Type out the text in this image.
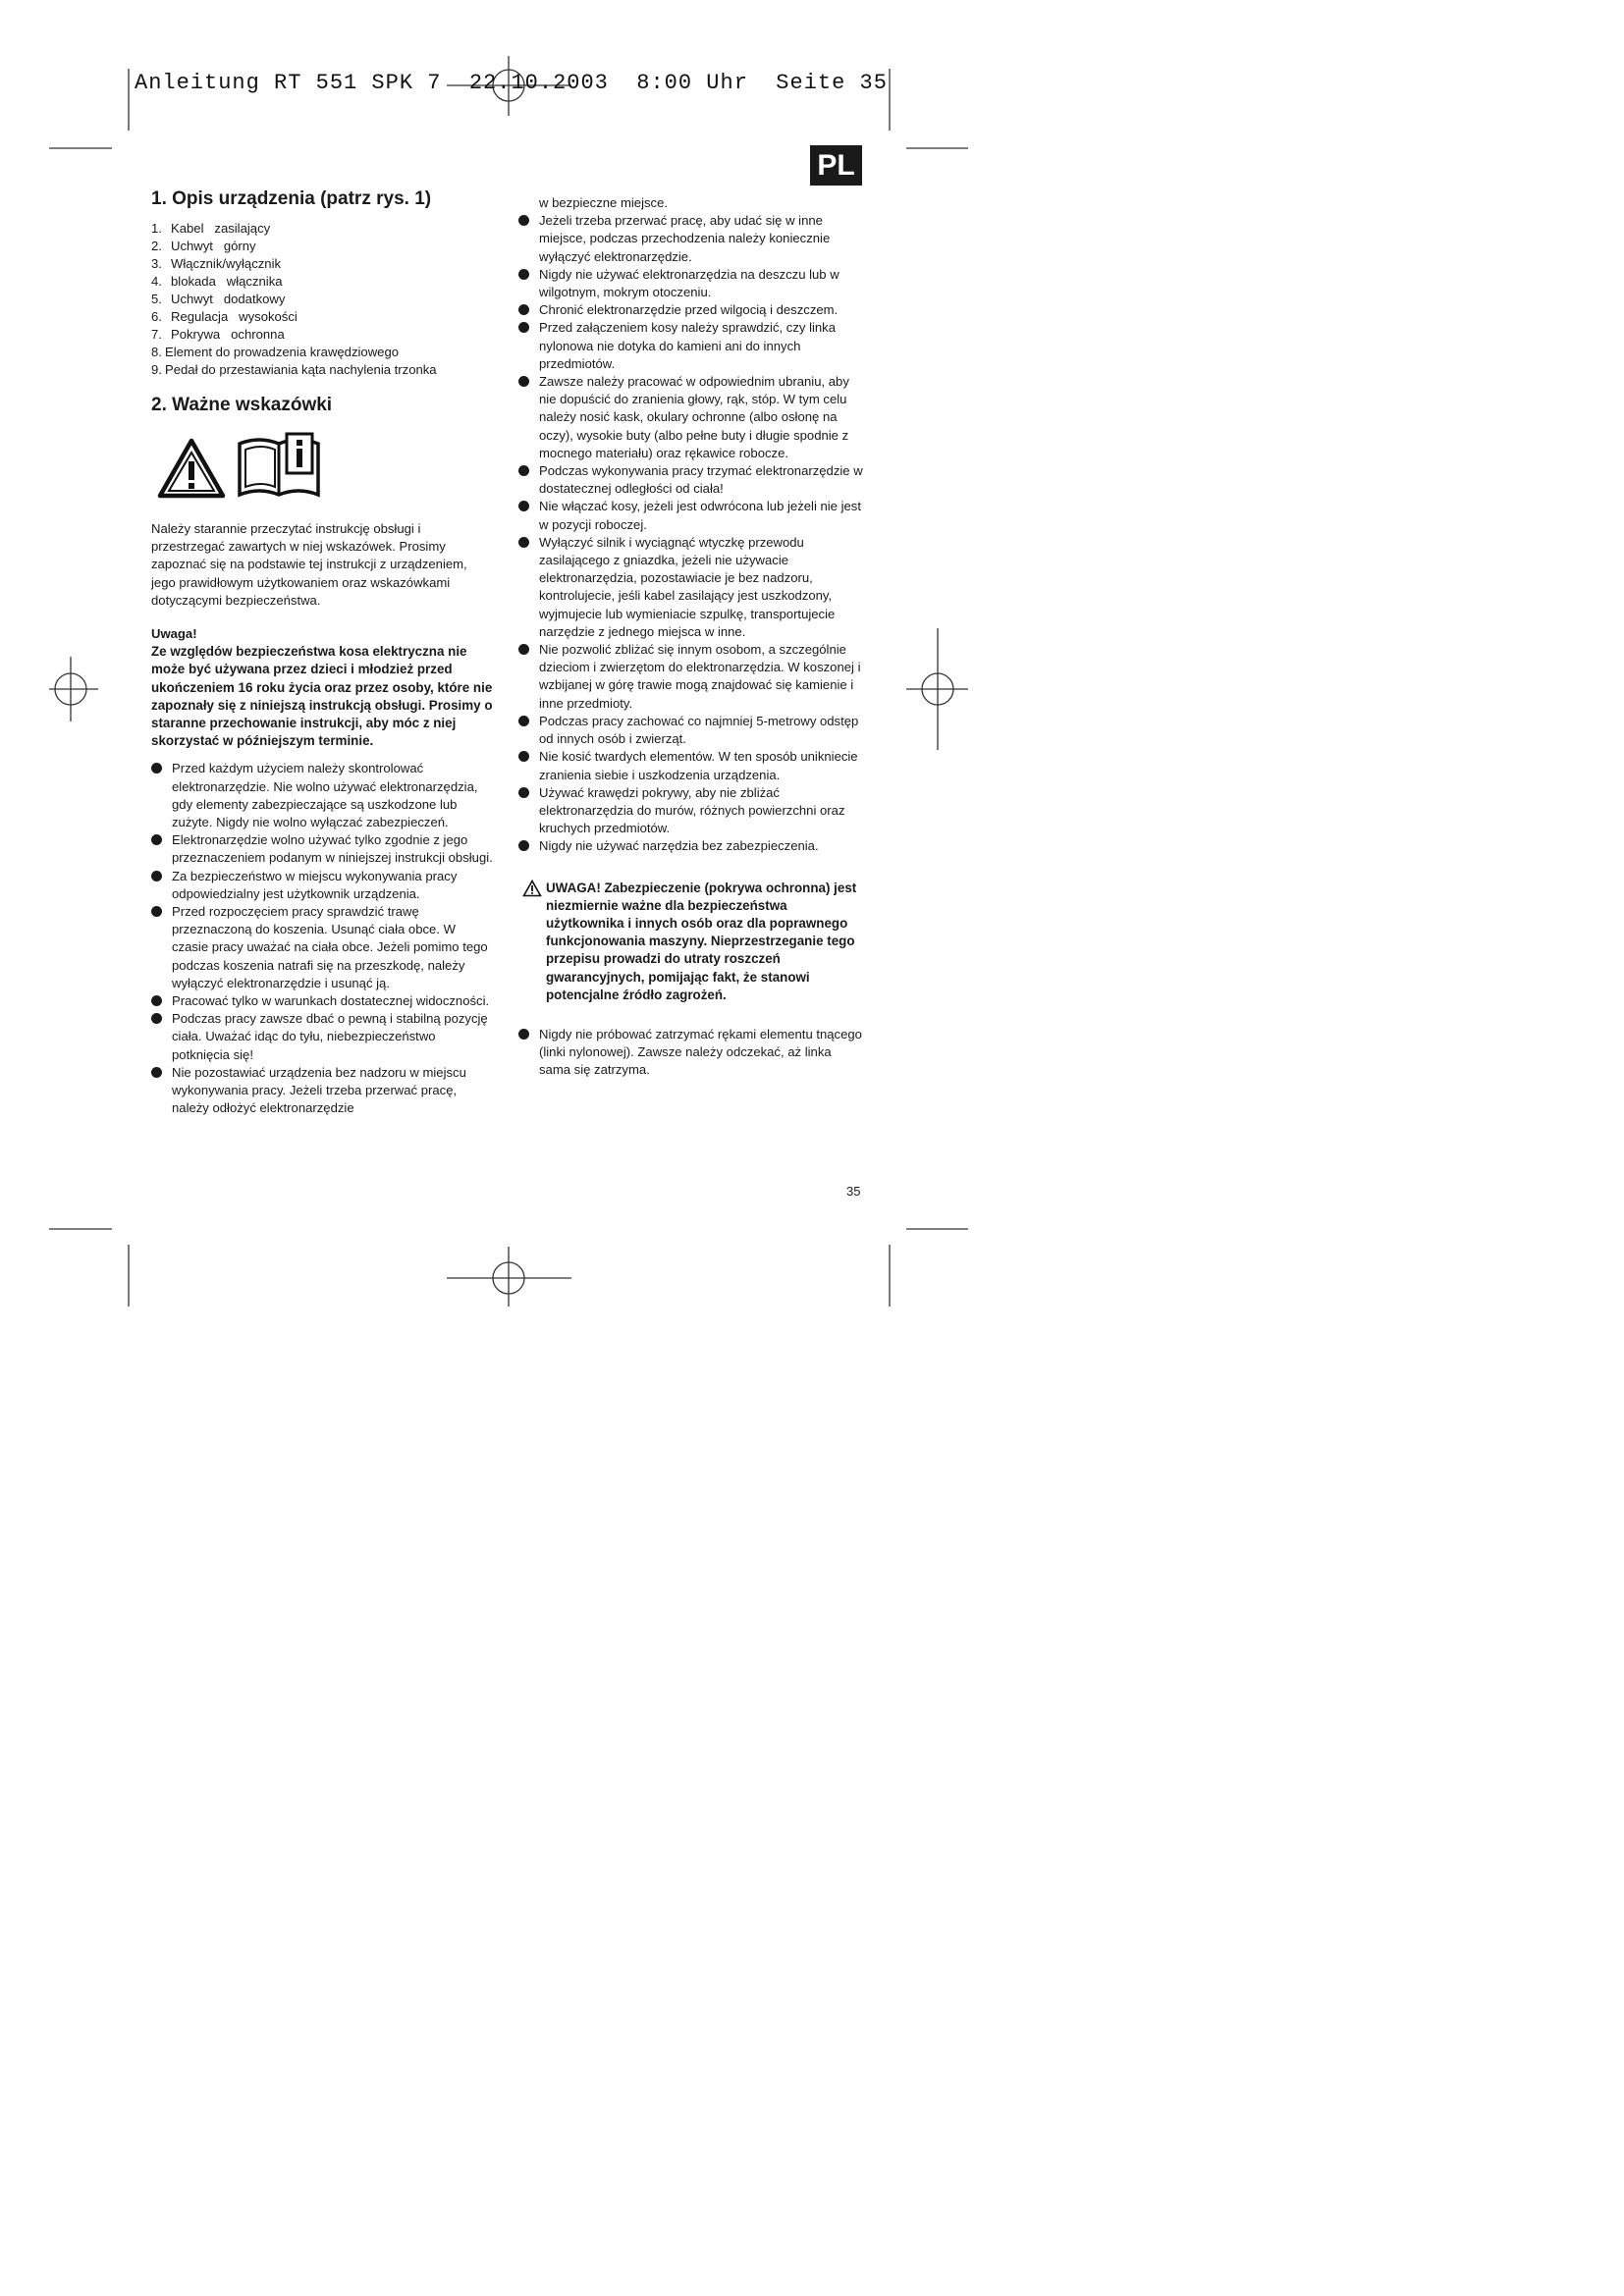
Anleitung RT 551 SPK 7  22.10.2003  8:00 Uhr  Seite 35
PL
1. Opis urządzenia (patrz rys. 1)
1. Kabel   zasilający
2. Uchwyt   górny
3. Włącznik/wyłącznik
4. blokada   włącznika
5. Uchwyt   dodatkowy
6. Regulacja   wysokości
7. Pokrywa   ochronna
8. Element do prowadzenia krawędziowego
9. Pedał do przestawiania kąta nachylenia trzonka
2. Ważne wskazówki

Należy starannie przeczytać instrukcję obsługi i przestrzegać zawartych w niej wskazówek. Prosimy zapoznać się na podstawie tej instrukcji z urządzeniem, jego prawidłowym użytkowaniem oraz wskazówkami dotyczącymi bezpieczeństwa.

Uwaga!

Ze względów bezpieczeństwa kosa elektryczna nie może być używana przez dzieci i młodzież przed ukończeniem 16 roku życia oraz przez osoby, które nie zapoznały się z niniejszą instrukcją obsługi. Prosimy o staranne przechowanie instrukcji, aby móc z niej skorzystać w późniejszym terminie.

Przed każdym użyciem należy skontrolować elektronarzędzie. Nie wolno używać elektronarzędzia, gdy elementy zabezpieczające są uszkodzone lub zużyte. Nigdy nie wolno wyłączać zabezpieczeń.
Elektronarzędzie wolno używać tylko zgodnie z jego przeznaczeniem podanym w niniejszej instrukcji obsługi.
Za bezpieczeństwo w miejscu wykonywania pracy odpowiedzialny jest użytkownik urządzenia.
Przed rozpoczęciem pracy sprawdzić trawę przeznaczoną do koszenia. Usunąć ciała obce. W czasie pracy uważać na ciała obce. Jeżeli pomimo tego podczas koszenia natrafi się na przeszkodę, należy wyłączyć elektronarzędzie i usunąć ją.
Pracować tylko w warunkach dostatecznej widoczności.
Podczas pracy zawsze dbać o pewną i stabilną pozycję ciała. Uważać idąc do tyłu, niebezpieczeństwo potknięcia się!
Nie pozostawiać urządzenia bez nadzoru w miejscu wykonywania pracy. Jeżeli trzeba przerwać pracę, należy odłożyć elektronarzędzie

w bezpieczne miejsce.

Jeżeli trzeba przerwać pracę, aby udać się w inne miejsce, podczas przechodzenia należy koniecznie wyłączyć elektronarzędzie.
Nigdy nie używać elektronarzędzia na deszczu lub w wilgotnym, mokrym otoczeniu.
Chronić elektronarzędzie przed wilgocią i deszczem.
Przed załączeniem kosy należy sprawdzić, czy linka nylonowa nie dotyka do kamieni ani do innych przedmiotów.
Zawsze należy pracować w odpowiednim ubraniu, aby nie dopuścić do zranienia głowy, rąk, stóp. W tym celu należy nosić kask, okulary ochronne (albo osłonę na oczy), wysokie buty (albo pełne buty i długie spodnie z mocnego materiału) oraz rękawice robocze.
Podczas wykonywania pracy trzymać elektronarzędzie w dostatecznej odległości od ciała!
Nie włączać kosy, jeżeli jest odwrócona lub jeżeli nie jest w pozycji roboczej.
Wyłączyć silnik i wyciągnąć wtyczkę przewodu zasilającego z gniazdka, jeżeli nie używacie elektronarzędzia, pozostawiacie je bez nadzoru, kontrolujecie, jeśli kabel zasilający jest uszkodzony, wyjmujecie lub wymieniacie szpulkę, transportujecie narzędzie z jednego miejsca w inne.
Nie pozwolić zbliżać się innym osobom, a szczególnie dzieciom i zwierzętom do elektronarzędzia. W koszonej i wzbijanej w górę trawie mogą znajdować się kamienie i inne przedmioty.
Podczas pracy zachować co najmniej 5-metrowy odstęp od innych osób i zwierząt.
Nie kosić twardych elementów. W ten sposób unikniecie zranienia siebie i uszkodzenia urządzenia.
Używać krawędzi pokrywy, aby nie zbliżać elektronarzędzia do murów, różnych powierzchni oraz kruchych przedmiotów.
Nigdy nie używać narzędzia bez zabezpieczenia.

UWAGA! Zabezpieczenie (pokrywa ochronna) jest niezmiernie ważne dla bezpieczeństwa użytkownika i innych osób oraz dla poprawnego funkcjonowania maszyny. Nieprzestrzeganie tego przepisu prowadzi do utraty roszczeń gwarancyjnych, pomijając fakt, że stanowi potencjalne źródło zagrożeń.

Nigdy nie próbować zatrzymać rękami elementu tnącego (linki nylonowej). Zawsze należy odczekać, aż linka sama się zatrzyma.
35
